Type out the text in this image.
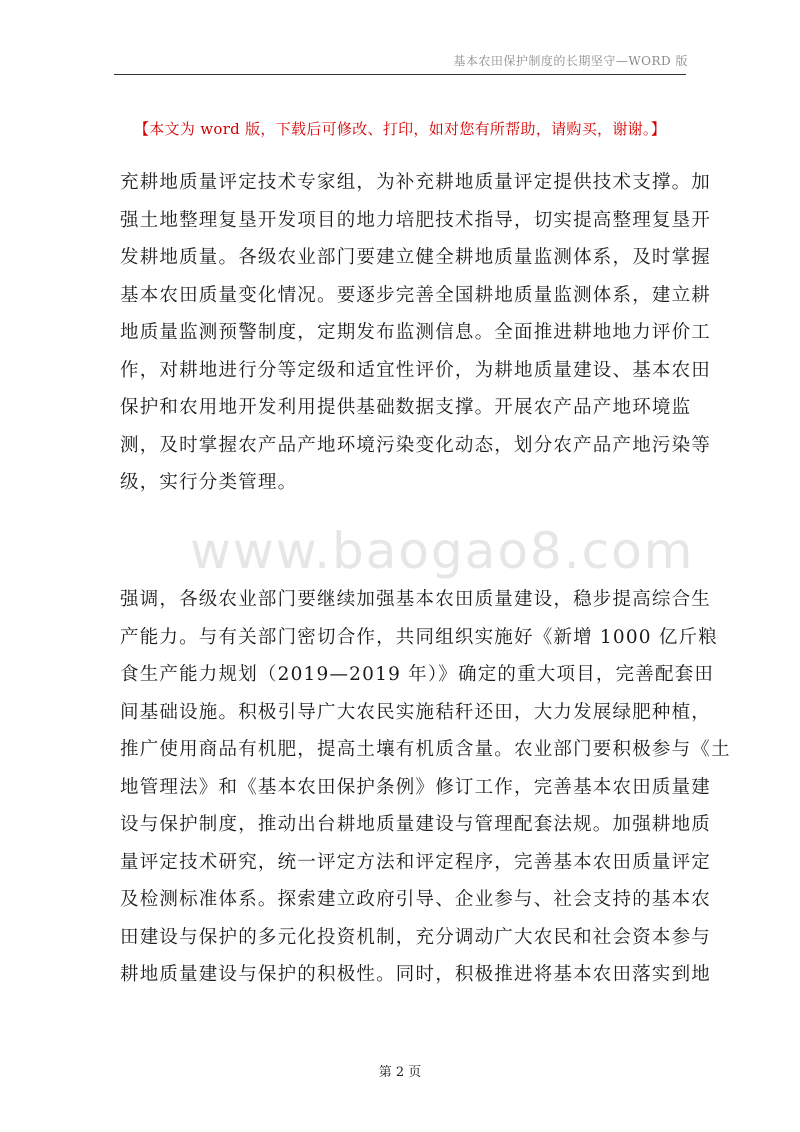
基本农田保护制度的长期坚守—WORD 版
【本文为 word 版，下载后可修改、打印，如对您有所帮助，请购买，谢谢。】
充耕地质量评定技术专家组，为补充耕地质量评定提供技术支撑。加
强土地整理复垦开发项目的地力培肥技术指导，切实提高整理复垦开
发耕地质量。各级农业部门要建立健全耕地质量监测体系，及时掌握
基本农田质量变化情况。要逐步完善全国耕地质量监测体系，建立耕
地质量监测预警制度，定期发布监测信息。全面推进耕地地力评价工
作，对耕地进行分等定级和适宜性评价，为耕地质量建设、基本农田
保护和农用地开发利用提供基础数据支撑。开展农产品产地环境监
测，及时掌握农产品产地环境污染变化动态，划分农产品产地污染等
级，实行分类管理。
www.baogao8.com
强调，各级农业部门要继续加强基本农田质量建设，稳步提高综合生
产能力。与有关部门密切合作，共同组织实施好《新增 1000 亿斤粮
食生产能力规划（2019—2019 年）》确定的重大项目，完善配套田
间基础设施。积极引导广大农民实施秸秆还田，大力发展绿肥种植，
推广使用商品有机肥，提高土壤有机质含量。农业部门要积极参与《土
地管理法》和《基本农田保护条例》修订工作，完善基本农田质量建
设与保护制度，推动出台耕地质量建设与管理配套法规。加强耕地质
量评定技术研究，统一评定方法和评定程序，完善基本农田质量评定
及检测标准体系。探索建立政府引导、企业参与、社会支持的基本农
田建设与保护的多元化投资机制，充分调动广大农民和社会资本参与
耕地质量建设与保护的积极性。同时，积极推进将基本农田落实到地
第 2 页
